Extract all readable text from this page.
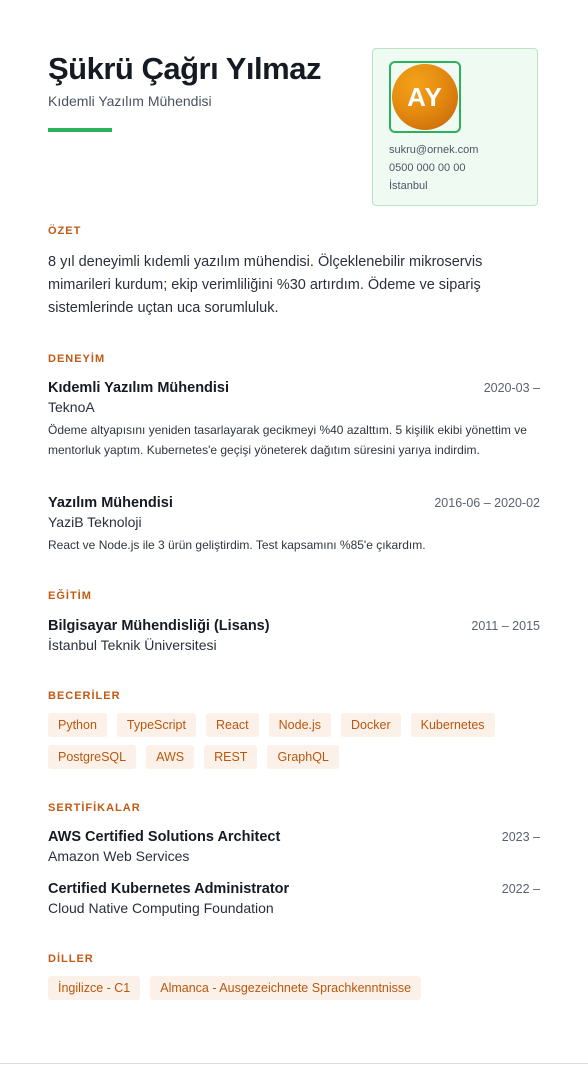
Şükrü Çağrı Yılmaz
Kıdemli Yazılım Mühendisi	AY
sukru@ornek.com
0500 000 00 00
İstanbul
ÖZET
8 yıl deneyimli kıdemli yazılım mühendisi. Ölçeklenebilir mikroservis mimarileri kurdum; ekip verimliliğini %30 artırdım. Ödeme ve sipariş sistemlerinde uçtan uca sorumluluk.
DENEYİM
Kıdemli Yazılım Mühendisi	2020-03 –
TeknoA
Ödeme altyapısını yeniden tasarlayarak gecikmeyi %40 azalttım. 5 kişilik ekibi yönettim ve mentorluk yaptım. Kubernetes'e geçişi yöneterek dağıtım süresini yarıya indirdim.
Yazılım Mühendisi	2016-06 – 2020-02
YaziB Teknoloji
React ve Node.js ile 3 ürün geliştirdim. Test kapsamını %85'e çıkardım.
EĞİTİM
Bilgisayar Mühendisliği (Lisans)	2011 – 2015
İstanbul Teknik Üniversitesi
BECERİLER
Python	TypeScript	React	Node.js	Docker	Kubernetes
PostgreSQL	AWS	REST	GraphQL
SERTİFİKALAR
AWS Certified Solutions Architect	2023 –
Amazon Web Services
Certified Kubernetes Administrator	2022 –
Cloud Native Computing Foundation
DİLLER
İngilizce - C1	Almanca - Ausgezeichnete Sprachkenntnisse
